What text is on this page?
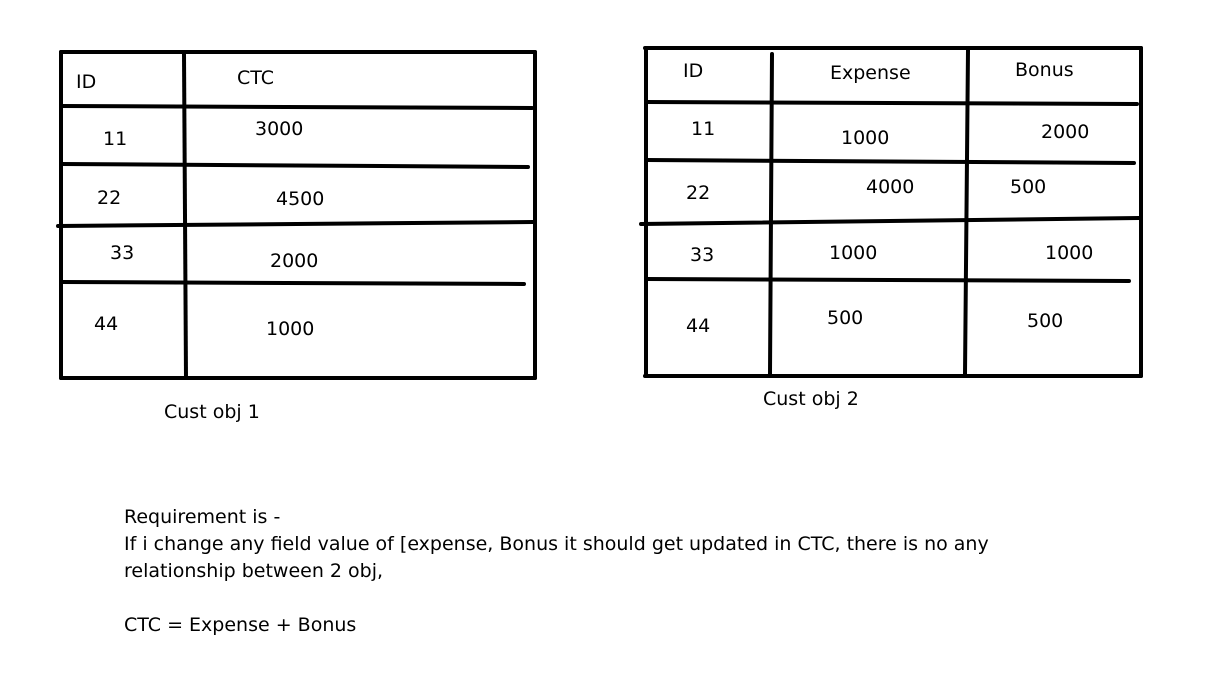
ID	CTC
11	3000
22	4500
33	2000
44	1000
Cust obj 1
ID	Expense	Bonus
11	1000	2000
22	4000	500
33	1000	1000
44	500	500
Cust obj 2
Requirement is -
If i change any field value of [expense, Bonus it should get updated in CTC, there is no any
relationship between 2 obj,
CTC = Expense + Bonus
